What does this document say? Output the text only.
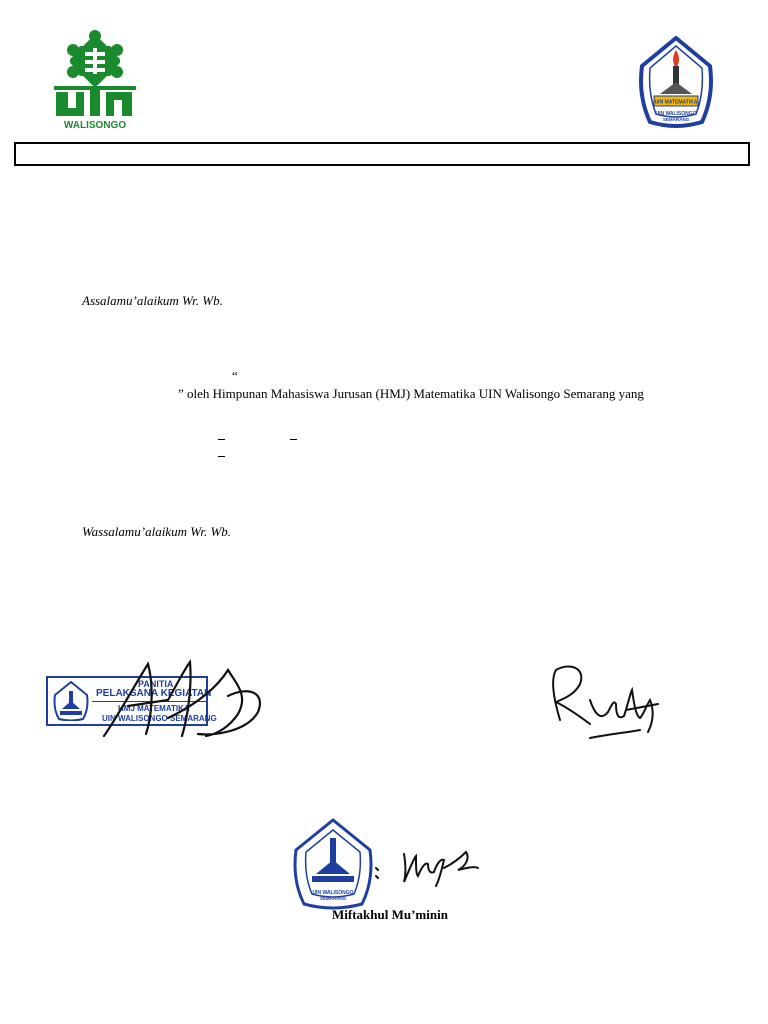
WALISONGO
UIN MATEMATIKA
UIN WALISONGO
SEMARANG
Assalamu’alaikum Wr. Wb.
“
” oleh Himpunan Mahasiswa Jurusan (HMJ) Matematika UIN Walisongo Semarang yang
Wassalamu’alaikum Wr. Wb.
PANITIA
PELAKSANA KEGIATAN
HMJ MATEMATIKA
UIN WALISONGO SEMARANG
UIN WALISONGO
SEMARANG
Miftakhul Mu’minin
